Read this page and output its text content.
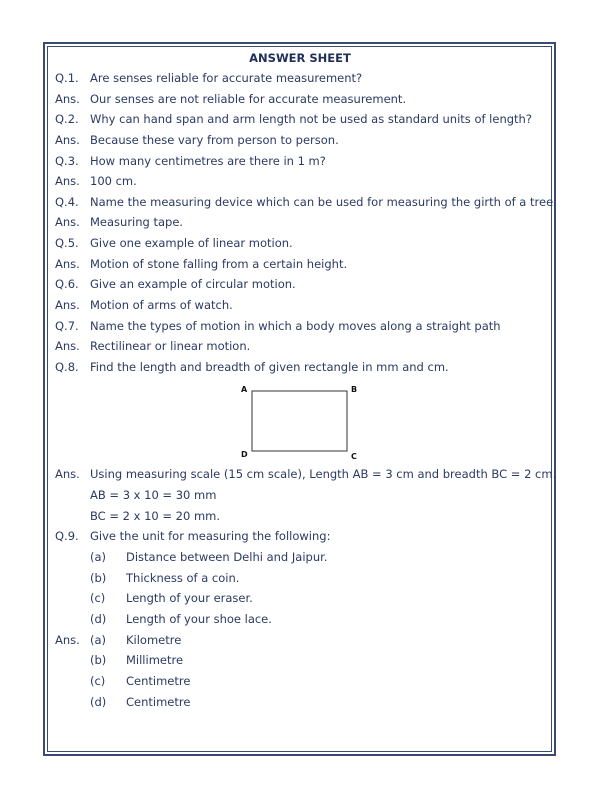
ANSWER SHEET
Q.1. Are senses reliable for accurate measurement?
Ans. Our senses are not reliable for accurate measurement.
Q.2. Why can hand span and arm length not be used as standard units of length?
Ans. Because these vary from person to person.
Q.3. How many centimetres are there in 1 m?
Ans. 100 cm.
Q.4. Name the measuring device which can be used for measuring the girth of a tree.
Ans. Measuring tape.
Q.5. Give one example of linear motion.
Ans. Motion of stone falling from a certain height.
Q.6. Give an example of circular motion.
Ans. Motion of arms of watch.
Q.7. Name the types of motion in which a body moves along a straight path
Ans. Rectilinear or linear motion.
Q.8. Find the length and breadth of given rectangle in mm and cm.
A	B
C
D
Ans. Using measuring scale (15 cm scale), Length AB = 3 cm and breadth BC = 2 cm.
AB = 3 x 10 = 30 mm
BC = 2 x 10 = 20 mm.
Q.9. Give the unit for measuring the following:
(a) Distance between Delhi and Jaipur.
(b) Thickness of a coin.
(c) Length of your eraser.
(d) Length of your shoe lace.
Ans. (a) Kilometre
(b) Millimetre
(c) Centimetre
(d) Centimetre
